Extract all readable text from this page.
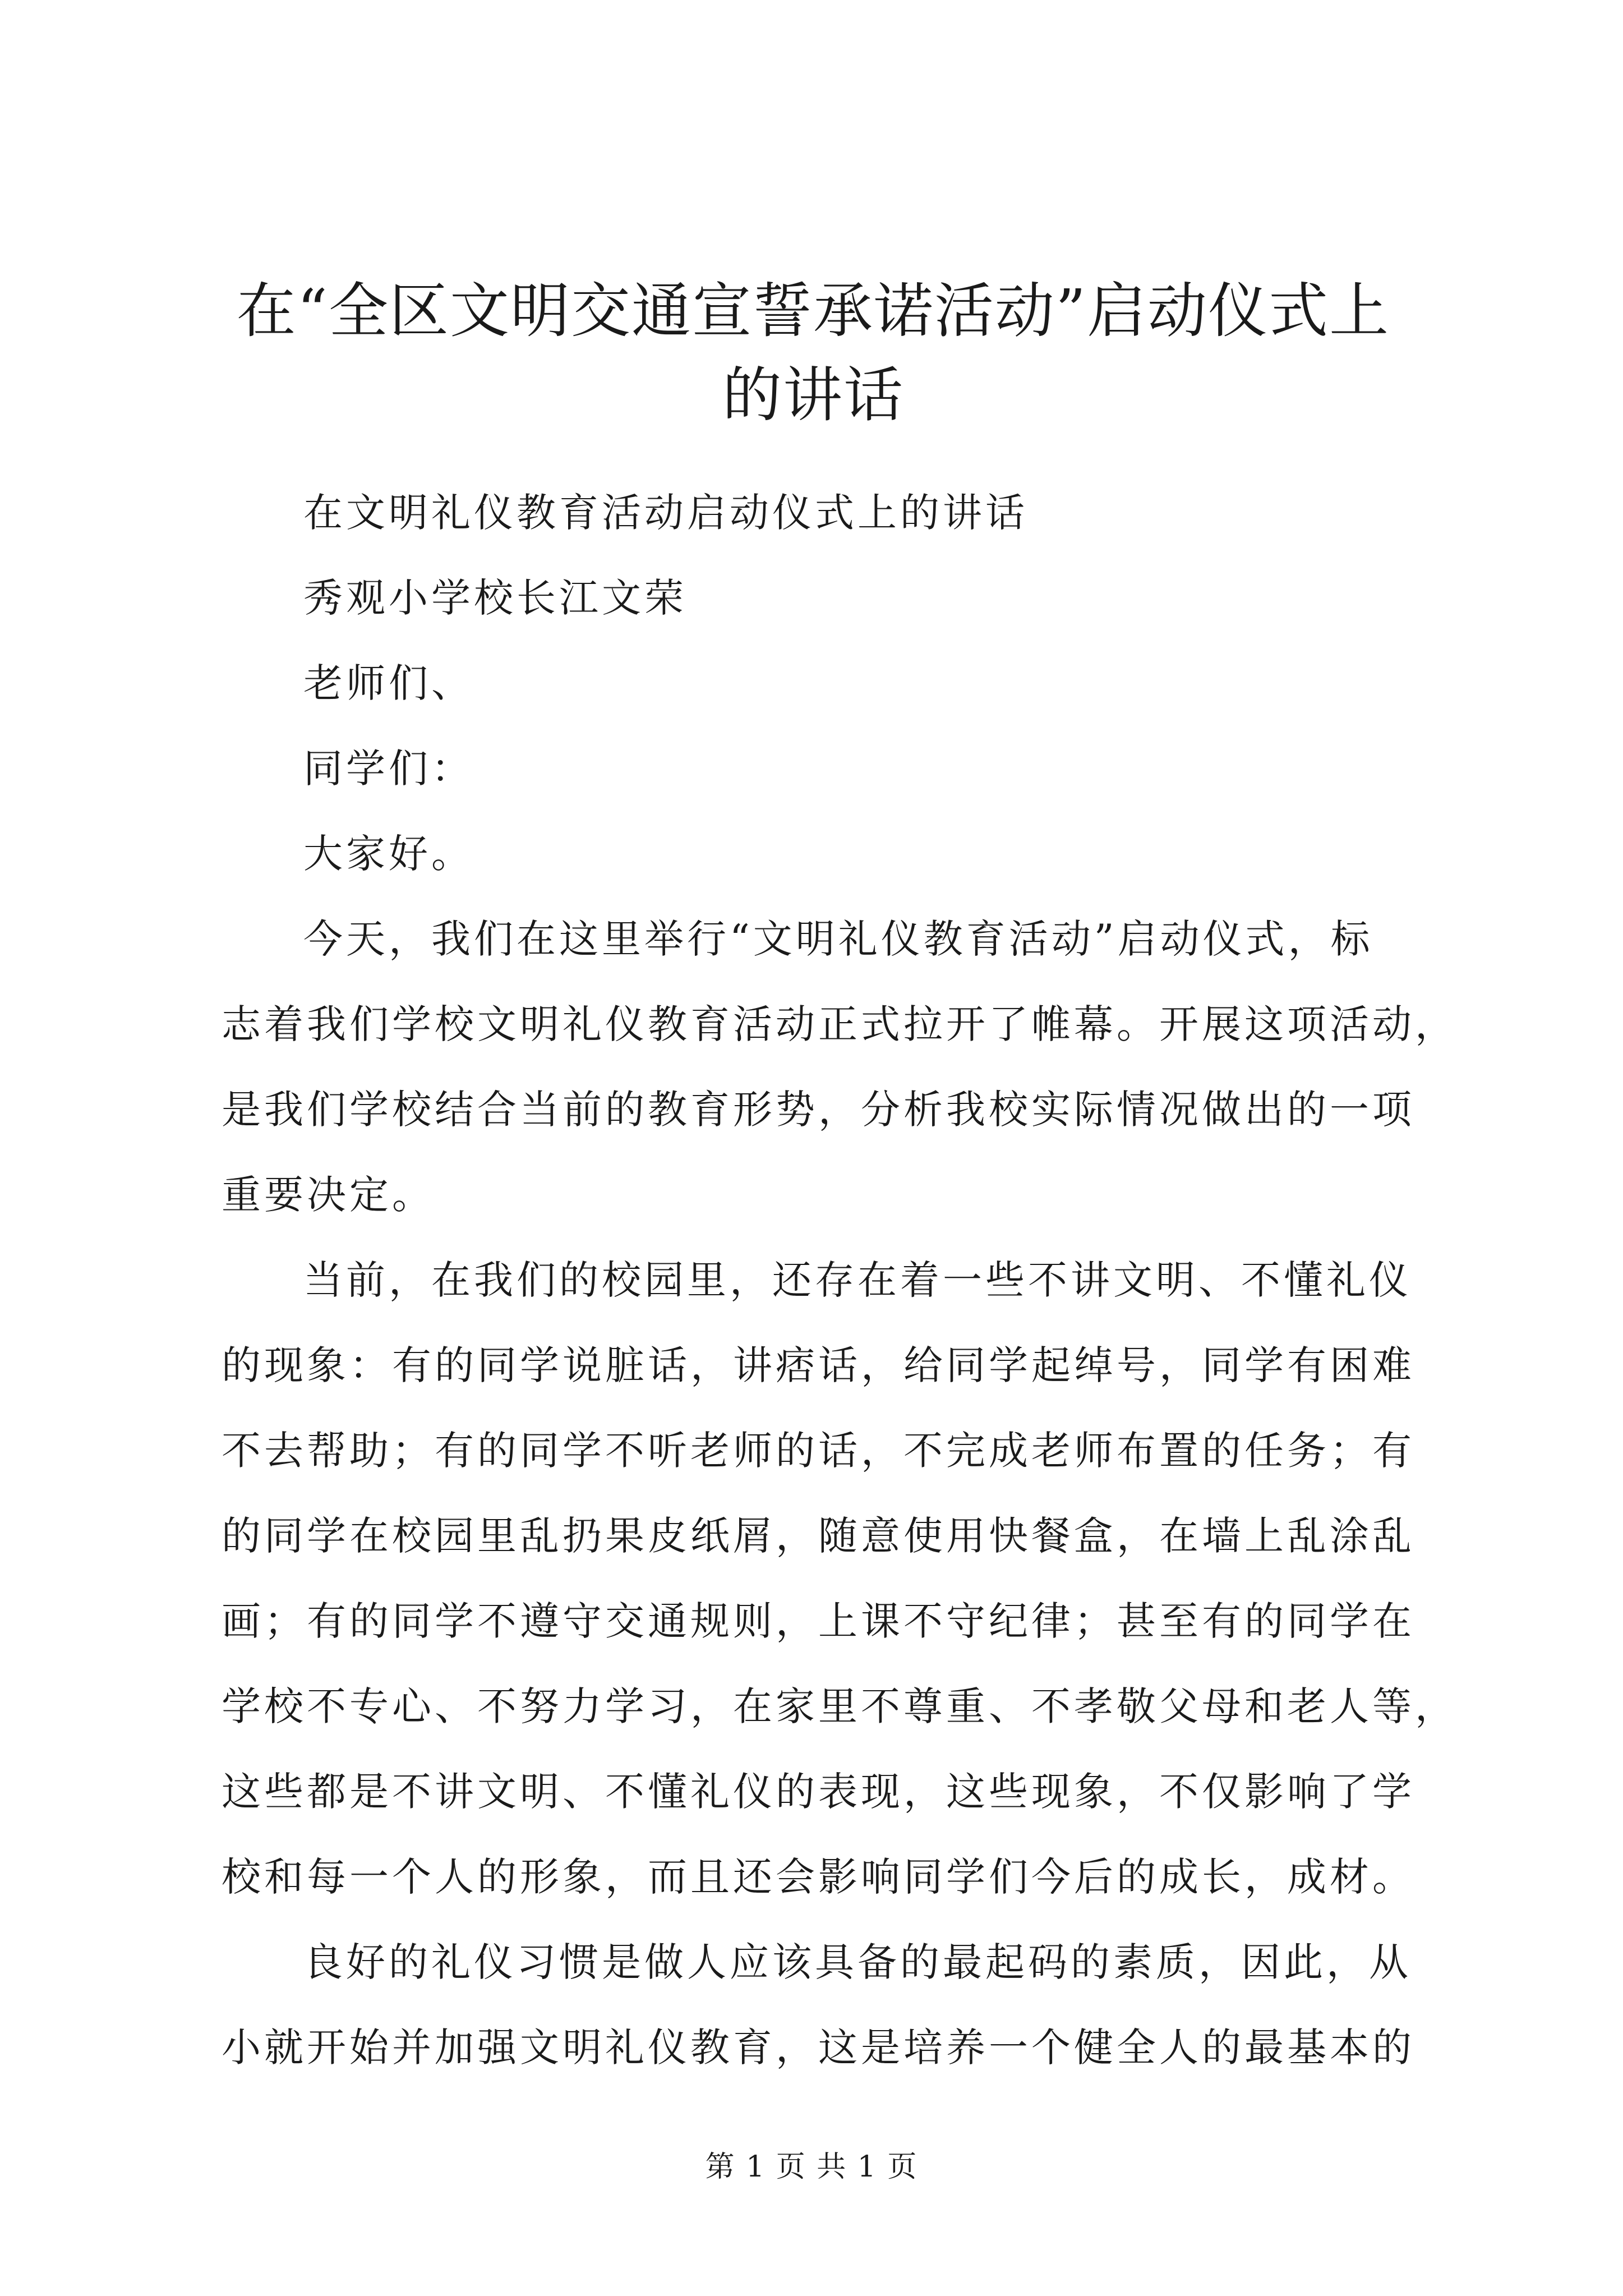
在“全区文明交通宣誓承诺活动”启动仪式上
的讲话
在文明礼仪教育活动启动仪式上的讲话
秀观小学校长江文荣
老师们、
同学们：
大家好。
今天，我们在这里举行“文明礼仪教育活动”启动仪式，标
志着我们学校文明礼仪教育活动正式拉开了帷幕。开展这项活动，
是我们学校结合当前的教育形势，分析我校实际情况做出的一项
重要决定。
当前，在我们的校园里，还存在着一些不讲文明、不懂礼仪
的现象：有的同学说脏话，讲痞话，给同学起绰号，同学有困难
不去帮助；有的同学不听老师的话，不完成老师布置的任务；有
的同学在校园里乱扔果皮纸屑，随意使用快餐盒，在墙上乱涂乱
画；有的同学不遵守交通规则，上课不守纪律；甚至有的同学在
学校不专心、不努力学习，在家里不尊重、不孝敬父母和老人等，
这些都是不讲文明、不懂礼仪的表现，这些现象，不仅影响了学
校和每一个人的形象，而且还会影响同学们今后的成长，成材。
良好的礼仪习惯是做人应该具备的最起码的素质，因此，从
小就开始并加强文明礼仪教育，这是培养一个健全人的最基本的
第 1 页 共 1 页
